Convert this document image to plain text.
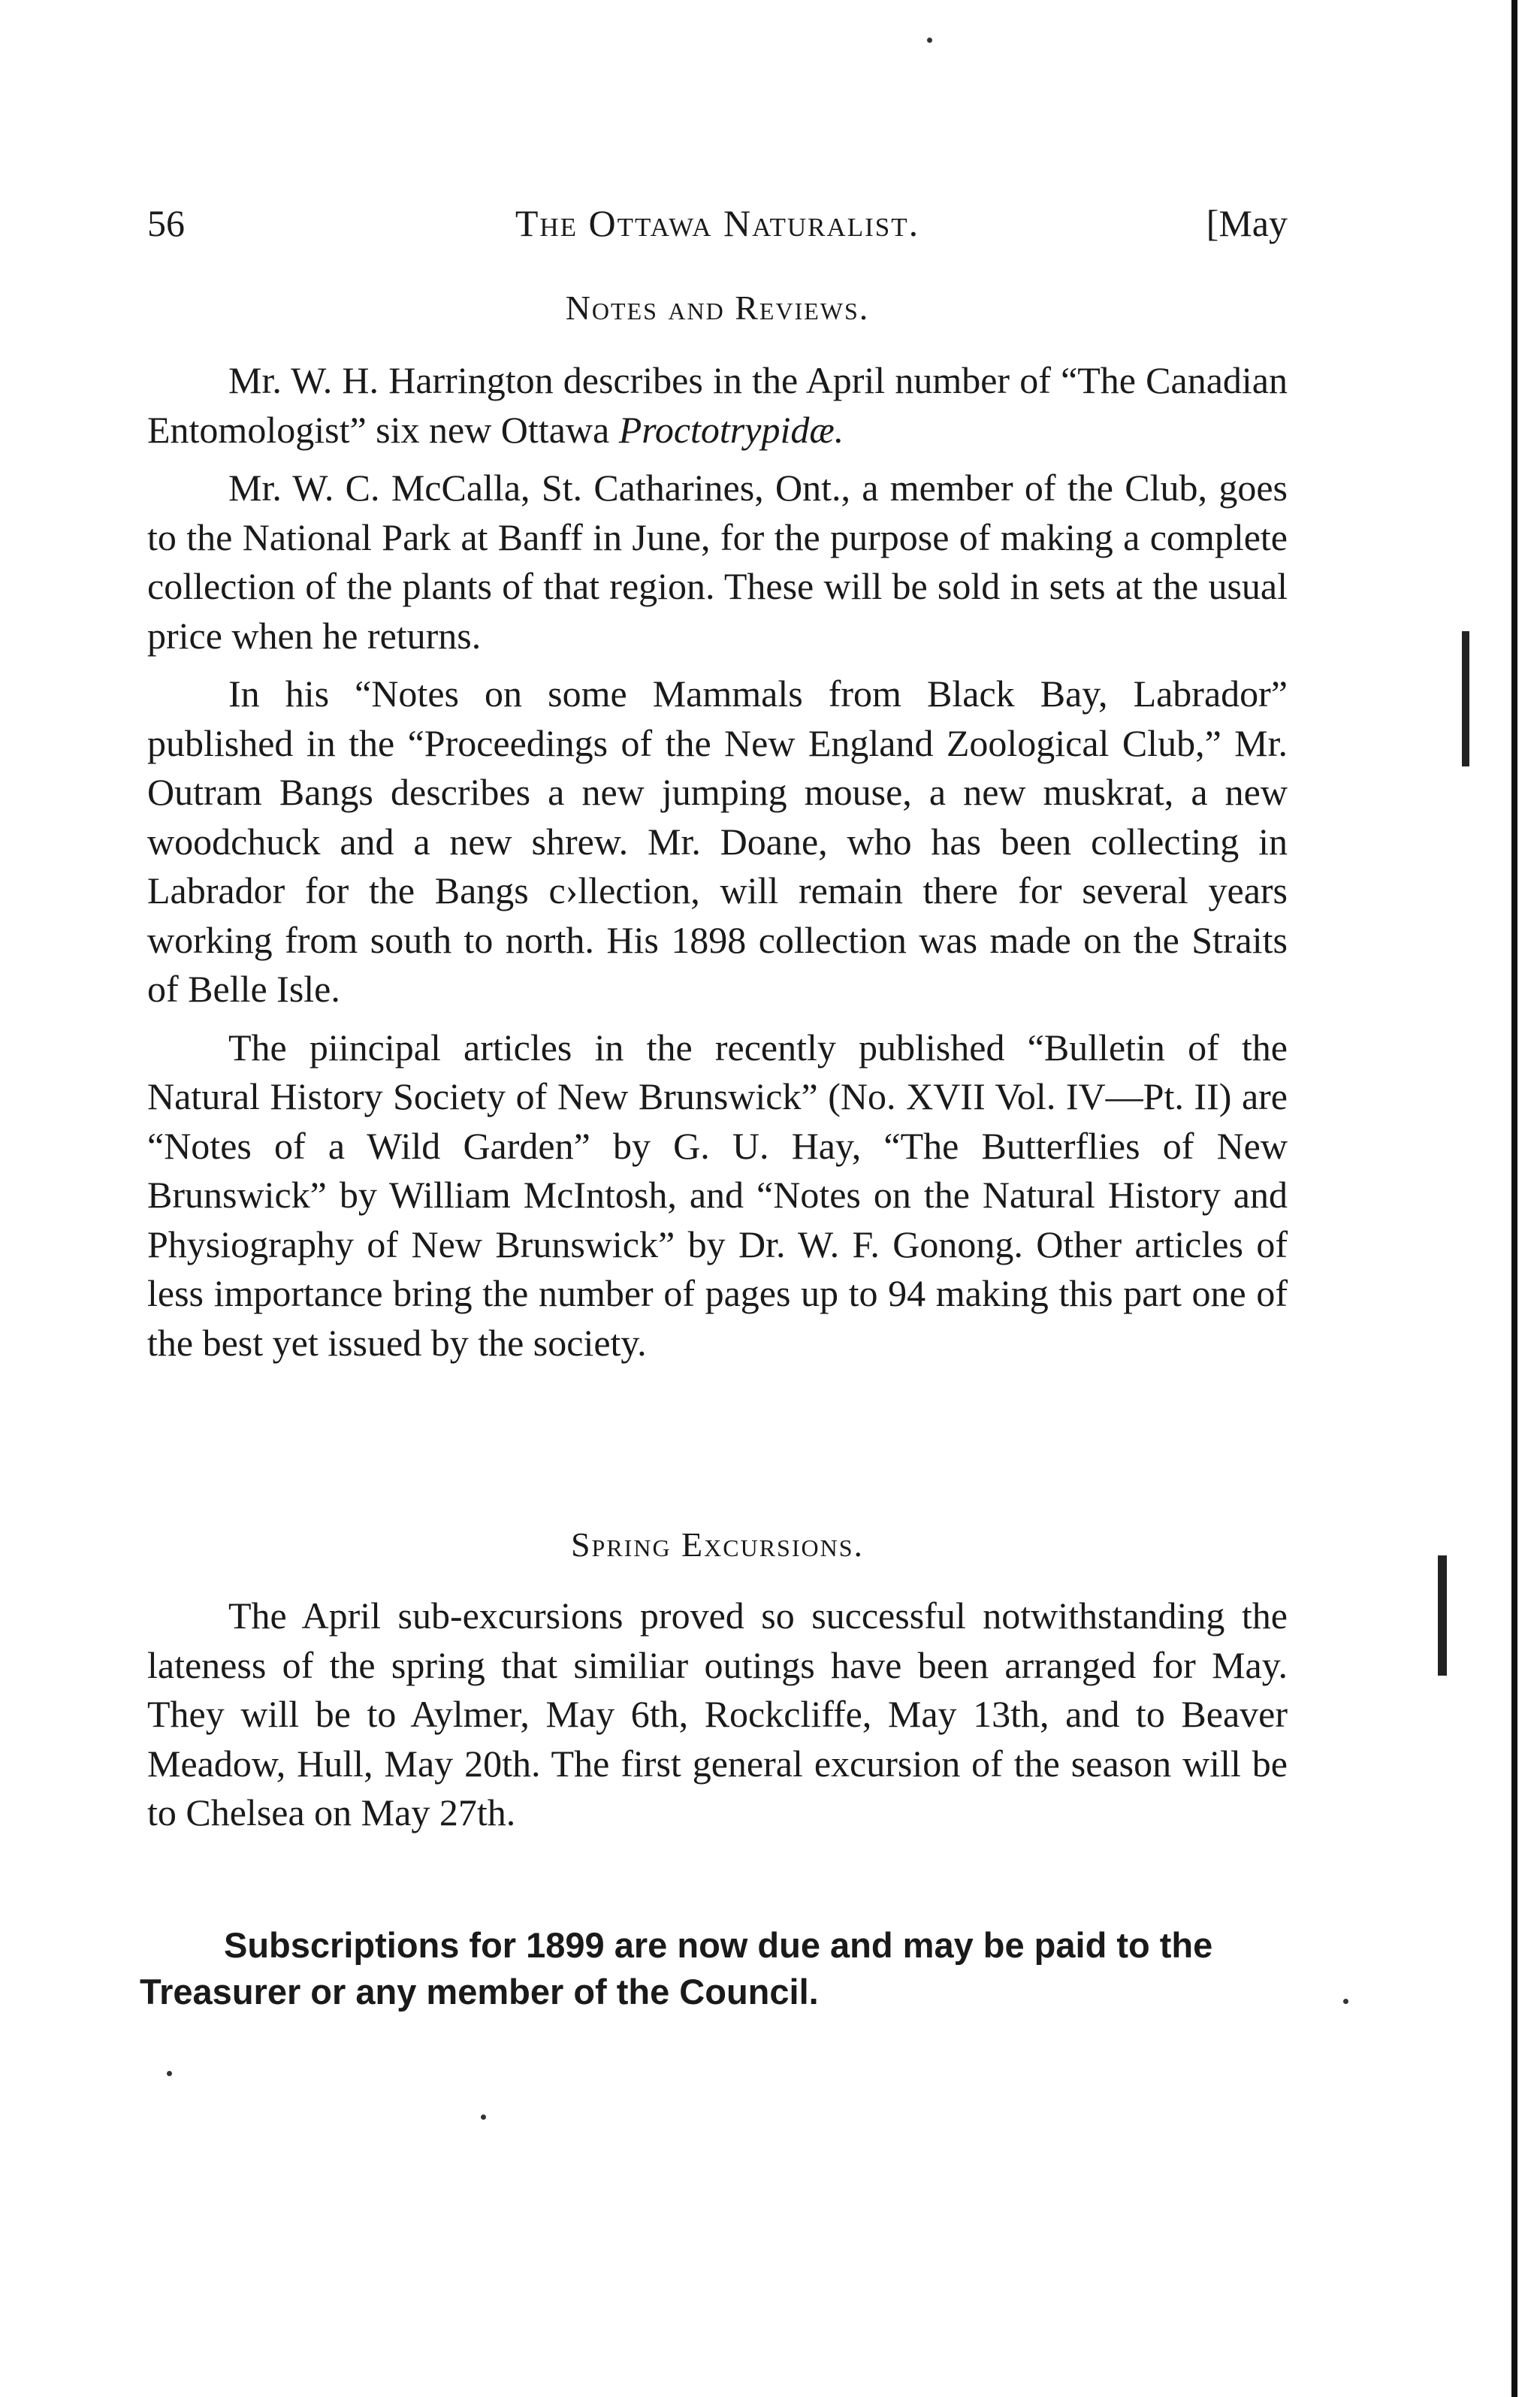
56	The Ottawa Naturalist.	[May
Notes and Reviews.

Mr. W. H. Harrington describes in the April number of “The Canadian Entomologist” six new Ottawa Proctotrypidæ.

Mr. W. C. McCalla, St. Catharines, Ont., a member of the Club, goes to the National Park at Banff in June, for the purpose of making a complete collection of the plants of that region. These will be sold in sets at the usual price when he returns.

In his “Notes on some Mammals from Black Bay, Labrador” published in the “Proceedings of the New England Zoological Club,” Mr. Outram Bangs describes a new jumping mouse, a new muskrat, a new woodchuck and a new shrew. Mr. Doane, who has been collecting in Labrador for the Bangs c›llection, will remain there for several years working from south to north. His 1898 collection was made on the Straits of Belle Isle.

The piincipal articles in the recently published “Bulletin of the Natural History Society of New Brunswick” (No. XVII Vol. IV—Pt. II) are “Notes of a Wild Garden” by G. U. Hay, “The Butterflies of New Brunswick” by William McIntosh, and “Notes on the Natural History and Physiography of New Brunswick” by Dr. W. F. Gonong. Other articles of less importance bring the number of pages up to 94 making this part one of the best yet issued by the society.

Spring Excursions.

The April sub-excursions proved so successful notwithstanding the lateness of the spring that similiar outings have been arranged for May. They will be to Aylmer, May 6th, Rockcliffe, May 13th, and to Beaver Meadow, Hull, May 20th. The first general excursion of the season will be to Chelsea on May 27th.

Subscriptions for 1899 are now due and may be paid to the Treasurer or any member of the Council.
